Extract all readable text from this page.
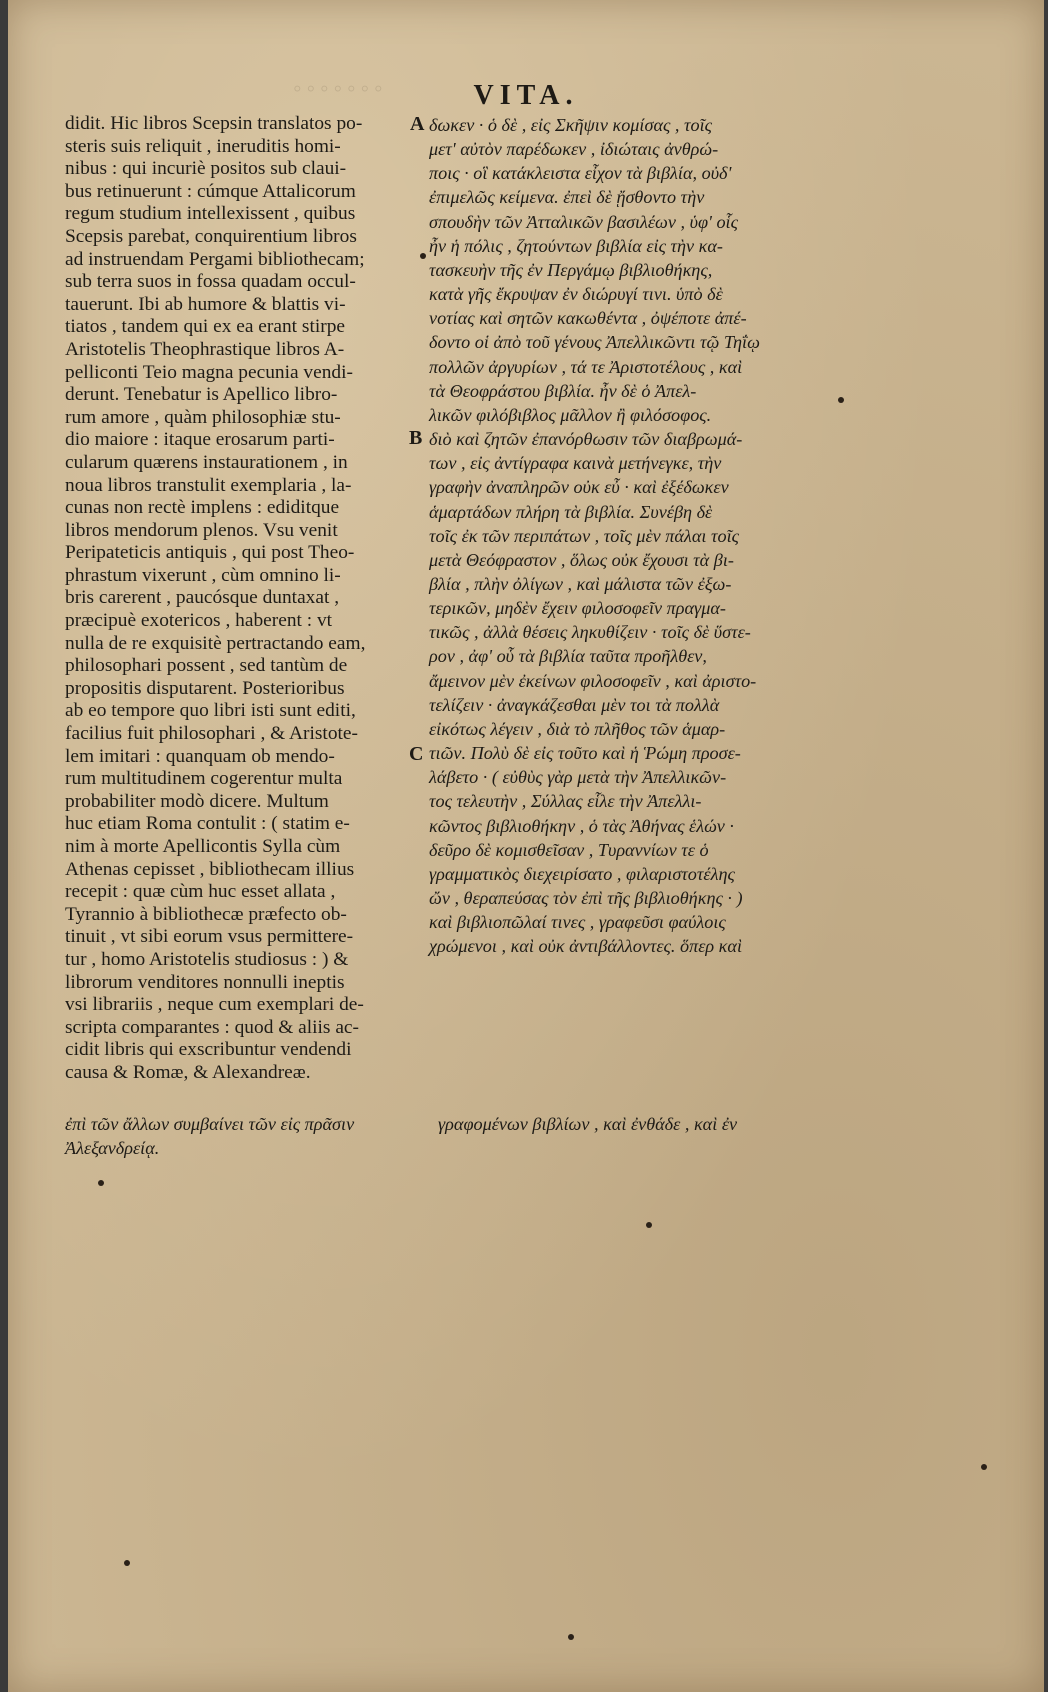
◦◦◦◦◦◦◦	VITA.
didit. Hic libros Scepsin translatos po-
steris suis reliquit , ineruditis homi-
nibus : qui incuriè positos sub claui-
bus retinuerunt : cúmque Attalicorum
regum studium intellexissent , quibus
Scepsis parebat, conquirentium libros
ad instruendam Pergami bibliothecam;
sub terra suos in fossa quadam occul-
tauerunt. Ibi ab humore & blattis vi-
tiatos , tandem qui ex ea erant stirpe
Aristotelis Theophrastique libros A-
pelliconti Teio magna pecunia vendi-
derunt. Tenebatur is Apellico libro-
rum amore , quàm philosophiæ stu-
dio maiore : itaque erosarum parti-
cularum quærens instaurationem , in
noua libros transtulit exemplaria , la-
cunas non rectè implens : ediditque
libros mendorum plenos. Vsu venit
Peripateticis antiquis , qui post Theo-
phrastum vixerunt , cùm omnino li-
bris carerent , paucósque duntaxat ,
præcipuè exotericos , haberent : vt
nulla de re exquisitè pertractando eam,
philosophari possent , sed tantùm de
propositis disputarent. Posterioribus
ab eo tempore quo libri isti sunt editi,
facilius fuit philosophari , & Aristote-
lem imitari : quanquam ob mendo-
rum multitudinem cogerentur multa
probabiliter modò dicere. Multum
huc etiam Roma contulit : ( statim e-
nim à morte Apellicontis Sylla cùm
Athenas cepisset , bibliothecam illius
recepit : quæ cùm huc esset allata ,
Tyrannio à bibliothecæ præfecto ob-
tinuit , vt sibi eorum vsus permittere-
tur , homo Aristotelis studiosus : ) &
librorum venditores nonnulli ineptis
vsi librariis , neque cum exemplari de-
scripta comparantes : quod & aliis ac-
cidit libris qui exscribuntur vendendi
causa & Romæ, & Alexandreæ.
δωκεν · ὁ δὲ , εἰς Σκῆψιν κομίσας , τοῖς
μετ' αὐτὸν παρέδωκεν , ἰδιώταις ἀνθρώ-
ποις · οἳ κατάκλειστα εἶχον τὰ βιβλία, οὐδ'
ἐπιμελῶς κείμενα. ἐπεὶ δὲ ᾔσθοντο τὴν
σπουδὴν τῶν Ἀτταλικῶν βασιλέων , ὑφ' οἷς
ἦν ἡ πόλις , ζητούντων βιβλία εἰς τὴν κα-
τασκευὴν τῆς ἐν Περγάμῳ βιβλιοθήκης,
κατὰ γῆς ἔκρυψαν ἐν διώρυγί τινι. ὑπὸ δὲ
νοτίας καὶ σητῶν κακωθέντα , ὀψέποτε ἀπέ-
δοντο οἱ ἀπὸ τοῦ γένους Ἀπελλικῶντι τῷ Τηΐῳ
πολλῶν ἀργυρίων , τά τε Ἀριστοτέλους , καὶ
τὰ Θεοφράστου βιβλία. ἦν δὲ ὁ Ἀπελ-
λικῶν φιλόβιβλος μᾶλλον ἢ φιλόσοφος.
διὸ καὶ ζητῶν ἐπανόρθωσιν τῶν διαβρωμά-
των , εἰς ἀντίγραφα καινὰ μετήνεγκε, τὴν
γραφὴν ἀναπληρῶν οὐκ εὖ · καὶ ἐξέδωκεν
ἁμαρτάδων πλήρη τὰ βιβλία. Συνέβη δὲ
τοῖς ἐκ τῶν περιπάτων , τοῖς μὲν πάλαι τοῖς
μετὰ Θεόφραστον , ὅλως οὐκ ἔχουσι τὰ βι-
βλία , πλὴν ὀλίγων , καὶ μάλιστα τῶν ἐξω-
τερικῶν, μηδὲν ἔχειν φιλοσοφεῖν πραγμα-
τικῶς , ἀλλὰ θέσεις ληκυθίζειν · τοῖς δὲ ὕστε-
ρον , ἀφ' οὗ τὰ βιβλία ταῦτα προῆλθεν,
ἄμεινον μὲν ἐκείνων φιλοσοφεῖν , καὶ ἀριστο-
τελίζειν · ἀναγκάζεσθαι μὲν τοι τὰ πολλὰ
εἰκότως λέγειν , διὰ τὸ πλῆθος τῶν ἁμαρ-
τιῶν. Πολὺ δὲ εἰς τοῦτο καὶ ἡ Ῥώμη προσε-
λάβετο · ( εὐθὺς γὰρ μετὰ τὴν Ἀπελλικῶν-
τος τελευτὴν , Σύλλας εἷλε τὴν Ἀπελλι-
κῶντος βιβλιοθήκην , ὁ τὰς Ἀθήνας ἑλών ·
δεῦρο δὲ κομισθεῖσαν , Τυραννίων τε ὁ
γραμματικὸς διεχειρίσατο , φιλαριστοτέλης
ὤν , θεραπεύσας τὸν ἐπὶ τῆς βιβλιοθήκης · )
καὶ βιβλιοπῶλαί τινες , γραφεῦσι φαύλοις
χρώμενοι , καὶ οὐκ ἀντιβάλλοντες. ὅπερ καὶ
A
B
C
ἐπὶ τῶν ἄλλων συμβαίνει τῶν εἰς πρᾶσιν
Ἀλεξανδρείᾳ.
γραφομένων βιβλίων , καὶ ἐνθάδε , καὶ ἐν
